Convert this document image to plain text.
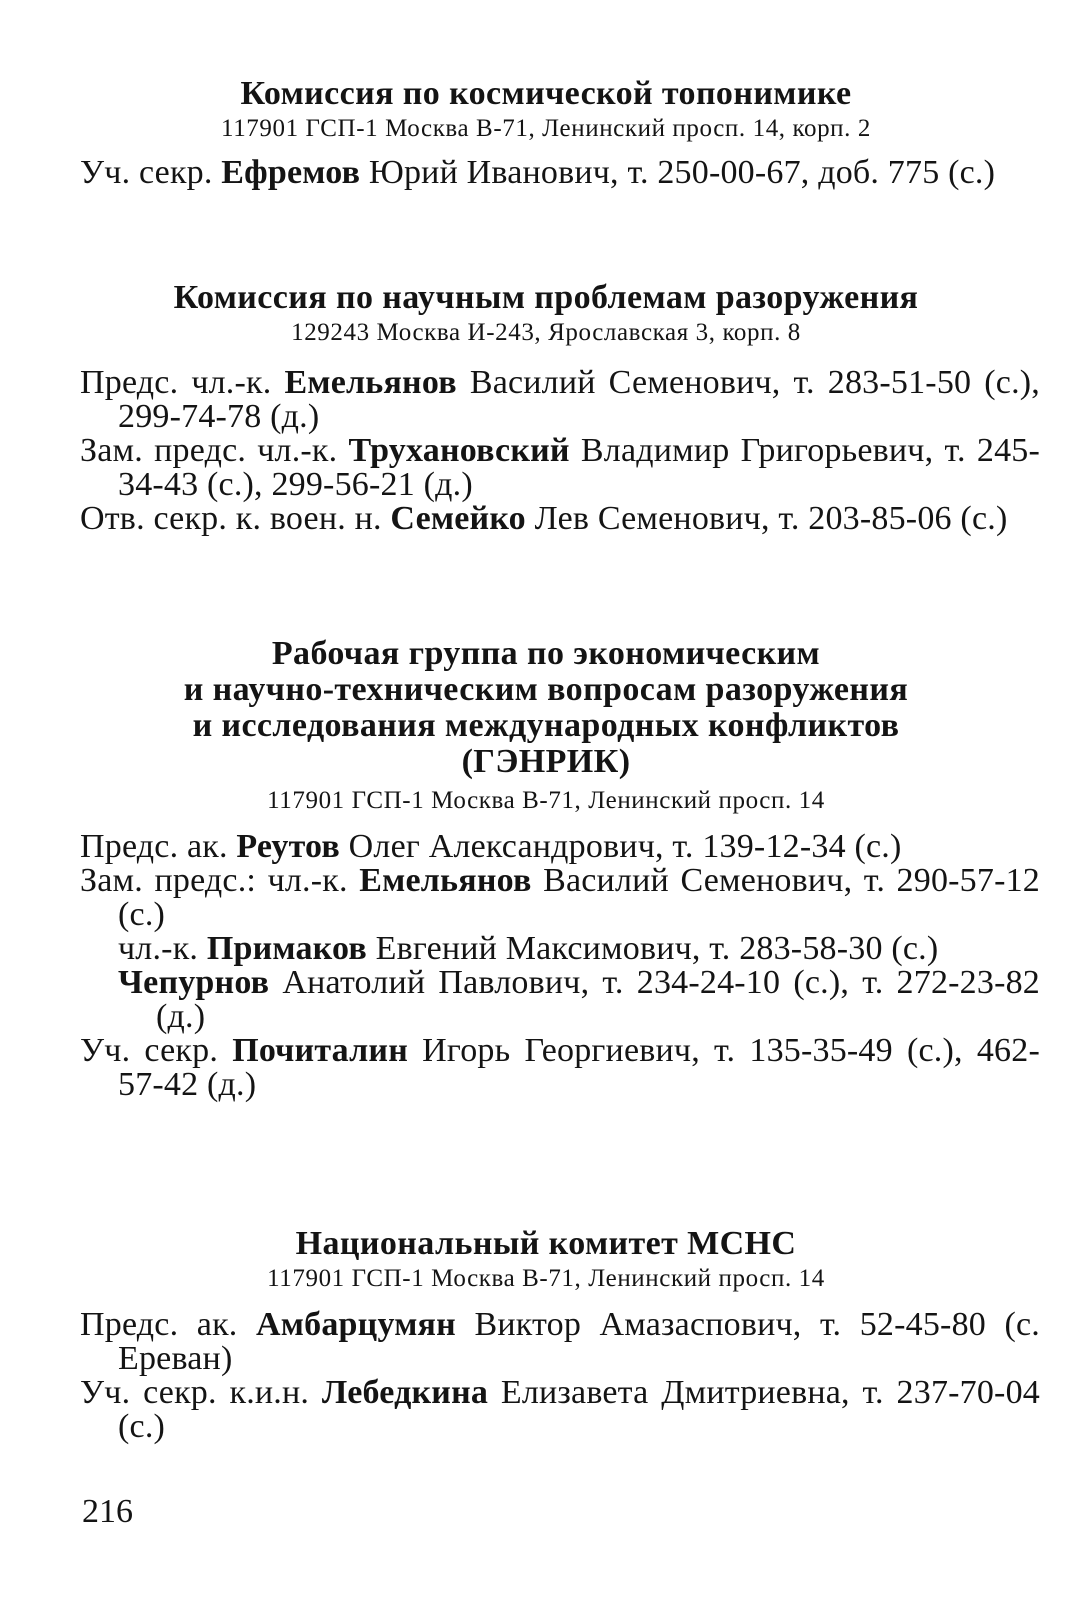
Комиссия по космической топонимике

117901 ГСП-1 Москва В-71, Ленинский просп. 14, корп. 2

Уч. секр. Ефремов Юрий Иванович, т. 250-00-67, доб. 775 (с.)

Комиссия по научным проблемам разоружения

129243 Москва И-243, Ярославская 3, корп. 8

Предс. чл.-к. Емельянов Василий Семенович, т. 283-51-50 (с.), 299-74-78 (д.)

Зам. предс. чл.-к. Трухановский Владимир Григорьевич, т. 245-34-43 (с.), 299-56-21 (д.)

Отв. секр. к. воен. н. Семейко Лев Семенович, т. 203-85-06 (с.)

Рабочая группа по экономическим
и научно-техническим вопросам разоружения
и исследования международных конфликтов
(ГЭНРИК)

117901 ГСП-1 Москва В-71, Ленинский просп. 14

Предс. ак. Реутов Олег Александрович, т. 139-12-34 (с.)

Зам. предс.: чл.-к. Емельянов Василий Семенович, т. 290-57-12 (с.)

чл.-к. Примаков Евгений Максимович, т. 283-58-30 (с.)

Чепурнов Анатолий Павлович, т. 234-24-10 (с.), т. 272-23-82 (д.)

Уч. секр. Почиталин Игорь Георгиевич, т. 135-35-49 (с.), 462-57-42 (д.)

Национальный комитет МСНС

117901 ГСП-1 Москва В-71, Ленинский просп. 14

Предс. ак. Амбарцумян Виктор Амазаспович, т. 52-45-80 (с. Ереван)

Уч. секр. к.и.н. Лебедкина Елизавета Дмитриевна, т. 237-70-04 (с.)

216
